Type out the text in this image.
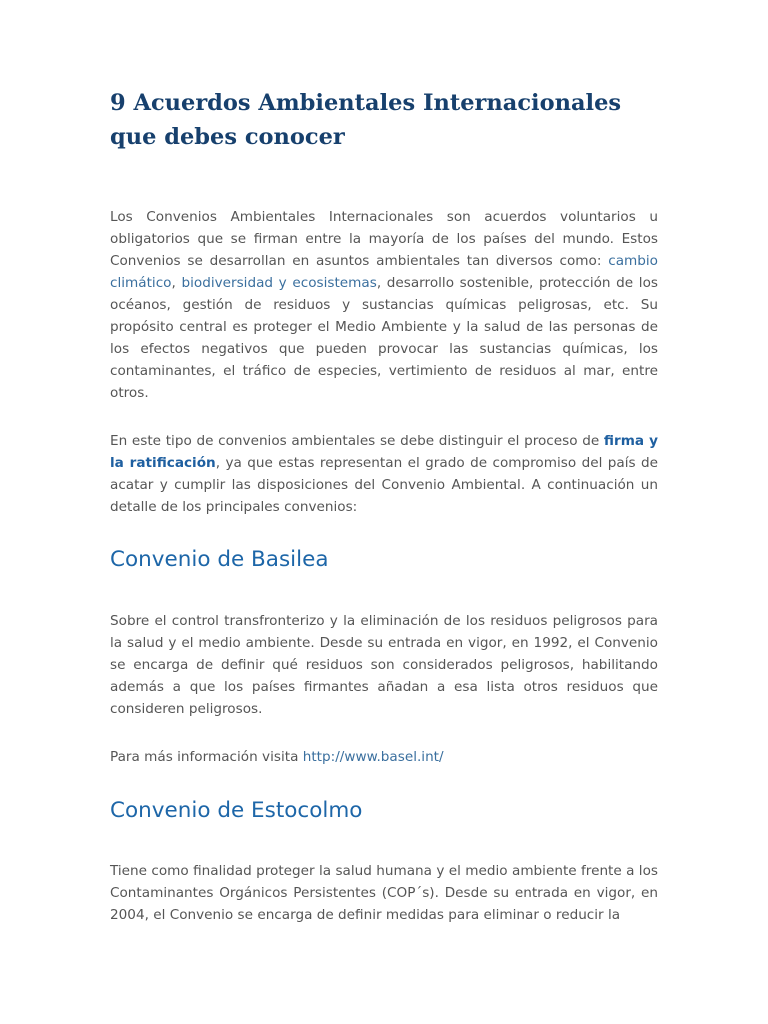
9 Acuerdos Ambientales Internacionales
que debes conocer

Los Convenios Ambientales Internacionales son acuerdos voluntarios u obligatorios que se firman entre la mayoría de los países del mundo. Estos Convenios se desarrollan en asuntos ambientales tan diversos como: cambio climático, biodiversidad y ecosistemas, desarrollo sostenible, protección de los océanos, gestión de residuos y sustancias químicas peligrosas, etc. Su propósito central es proteger el Medio Ambiente y la salud de las personas de los efectos negativos que pueden provocar las sustancias químicas, los contaminantes, el tráfico de especies, vertimiento de residuos al mar, entre otros.

En este tipo de convenios ambientales se debe distinguir el proceso de firma y la ratificación, ya que estas representan el grado de compromiso del país de acatar y cumplir las disposiciones del Convenio Ambiental. A continuación un detalle de los principales convenios:

Convenio de Basilea

Sobre el control transfronterizo y la eliminación de los residuos peligrosos para la salud y el medio ambiente. Desde su entrada en vigor, en 1992, el Convenio se encarga de definir qué residuos son considerados peligrosos, habilitando además a que los países firmantes añadan a esa lista otros residuos que consideren peligrosos.

Para más información visita http://www.basel.int/

Convenio de Estocolmo

Tiene como finalidad proteger la salud humana y el medio ambiente frente a los Contaminantes Orgánicos Persistentes (COP´s). Desde su entrada en vigor, en 2004, el Convenio se encarga de definir medidas para eliminar o reducir la
